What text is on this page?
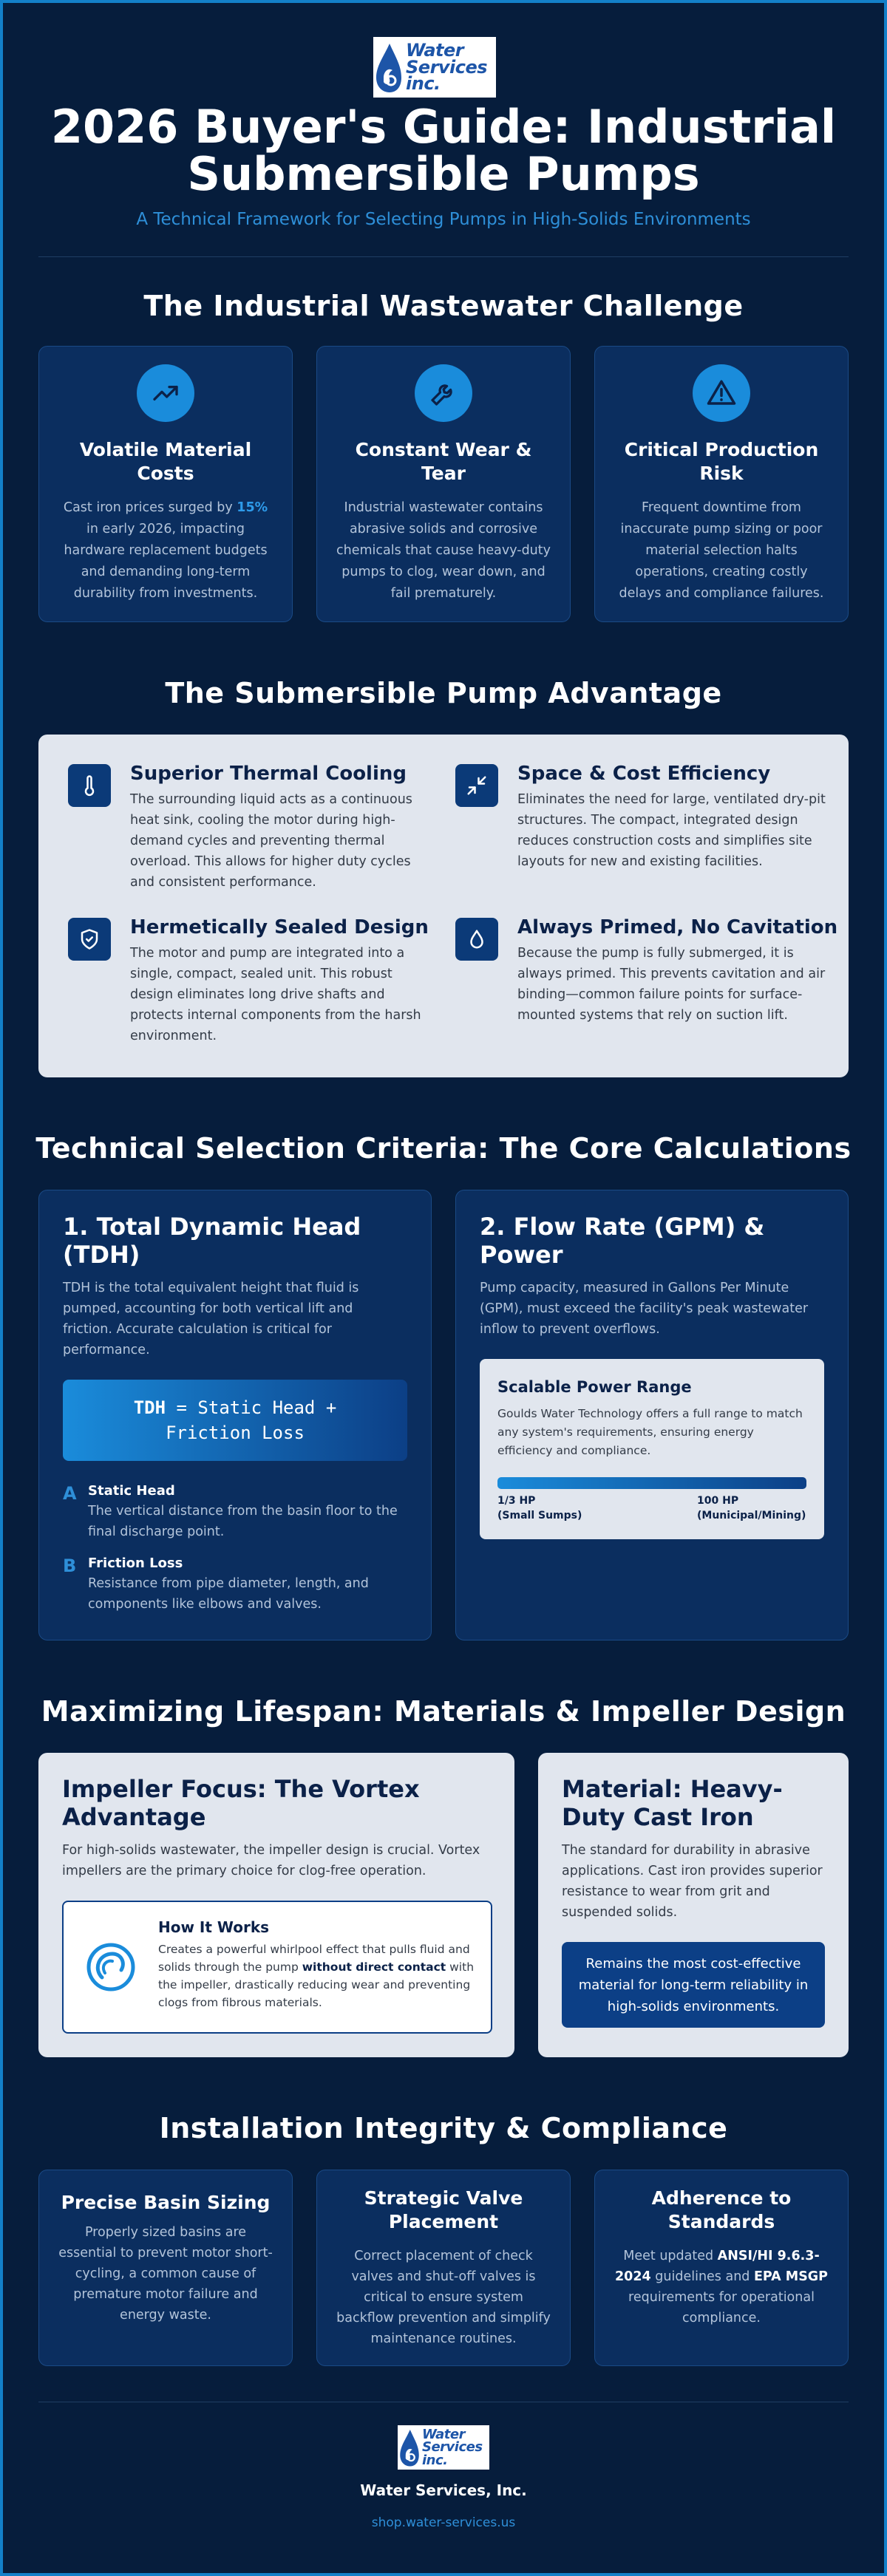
Water
Services
inc.
2026 Buyer's Guide: Industrial
Submersible Pumps
A Technical Framework for Selecting Pumps in High-Solids Environments
The Industrial Wastewater Challenge
Volatile Material Costs
Cast iron prices surged by 15% in early 2026, impacting hardware replacement budgets and demanding long-term durability from investments.
Constant Wear & Tear
Industrial wastewater contains abrasive solids and corrosive chemicals that cause heavy-duty pumps to clog, wear down, and fail prematurely.
Critical Production Risk
Frequent downtime from inaccurate pump sizing or poor material selection halts operations, creating costly delays and compliance failures.
The Submersible Pump Advantage
Superior Thermal Cooling
The surrounding liquid acts as a continuous heat sink, cooling the motor during high-demand cycles and preventing thermal overload. This allows for higher duty cycles and consistent performance.
Space & Cost Efficiency
Eliminates the need for large, ventilated dry-pit structures. The compact, integrated design reduces construction costs and simplifies site layouts for new and existing facilities.
Hermetically Sealed Design
The motor and pump are integrated into a single, compact, sealed unit. This robust design eliminates long drive shafts and protects internal components from the harsh environment.
Always Primed, No Cavitation
Because the pump is fully submerged, it is always primed. This prevents cavitation and air binding—common failure points for surface-mounted systems that rely on suction lift.
Technical Selection Criteria: The Core Calculations
1. Total Dynamic Head (TDH)
TDH is the total equivalent height that fluid is pumped, accounting for both vertical lift and friction. Accurate calculation is critical for performance.
TDH = Static Head +
Friction Loss
A Static Head
The vertical distance from the basin floor to the final discharge point.
B Friction Loss
Resistance from pipe diameter, length, and components like elbows and valves.
2. Flow Rate (GPM) & Power
Pump capacity, measured in Gallons Per Minute (GPM), must exceed the facility's peak wastewater inflow to prevent overflows.
Scalable Power Range
Goulds Water Technology offers a full range to match any system's requirements, ensuring energy efficiency and compliance.
1/3 HP
(Small Sumps)
100 HP
(Municipal/Mining)
Maximizing Lifespan: Materials & Impeller Design
Impeller Focus: The Vortex Advantage
For high-solids wastewater, the impeller design is crucial. Vortex impellers are the primary choice for clog-free operation.
How It Works
Creates a powerful whirlpool effect that pulls fluid and solids through the pump without direct contact with the impeller, drastically reducing wear and preventing clogs from fibrous materials.
Material: Heavy-Duty Cast Iron
The standard for durability in abrasive applications. Cast iron provides superior resistance to wear from grit and suspended solids.
Remains the most cost-effective material for long-term reliability in high-solids environments.
Installation Integrity & Compliance
Precise Basin Sizing
Properly sized basins are essential to prevent motor short-cycling, a common cause of premature motor failure and energy waste.
Strategic Valve Placement
Correct placement of check valves and shut-off valves is critical to ensure system backflow prevention and simplify maintenance routines.
Adherence to Standards
Meet updated ANSI/HI 9.6.3-2024 guidelines and EPA MSGP requirements for operational compliance.
Water
Services
inc.
Water Services, Inc.
shop.water-services.us
